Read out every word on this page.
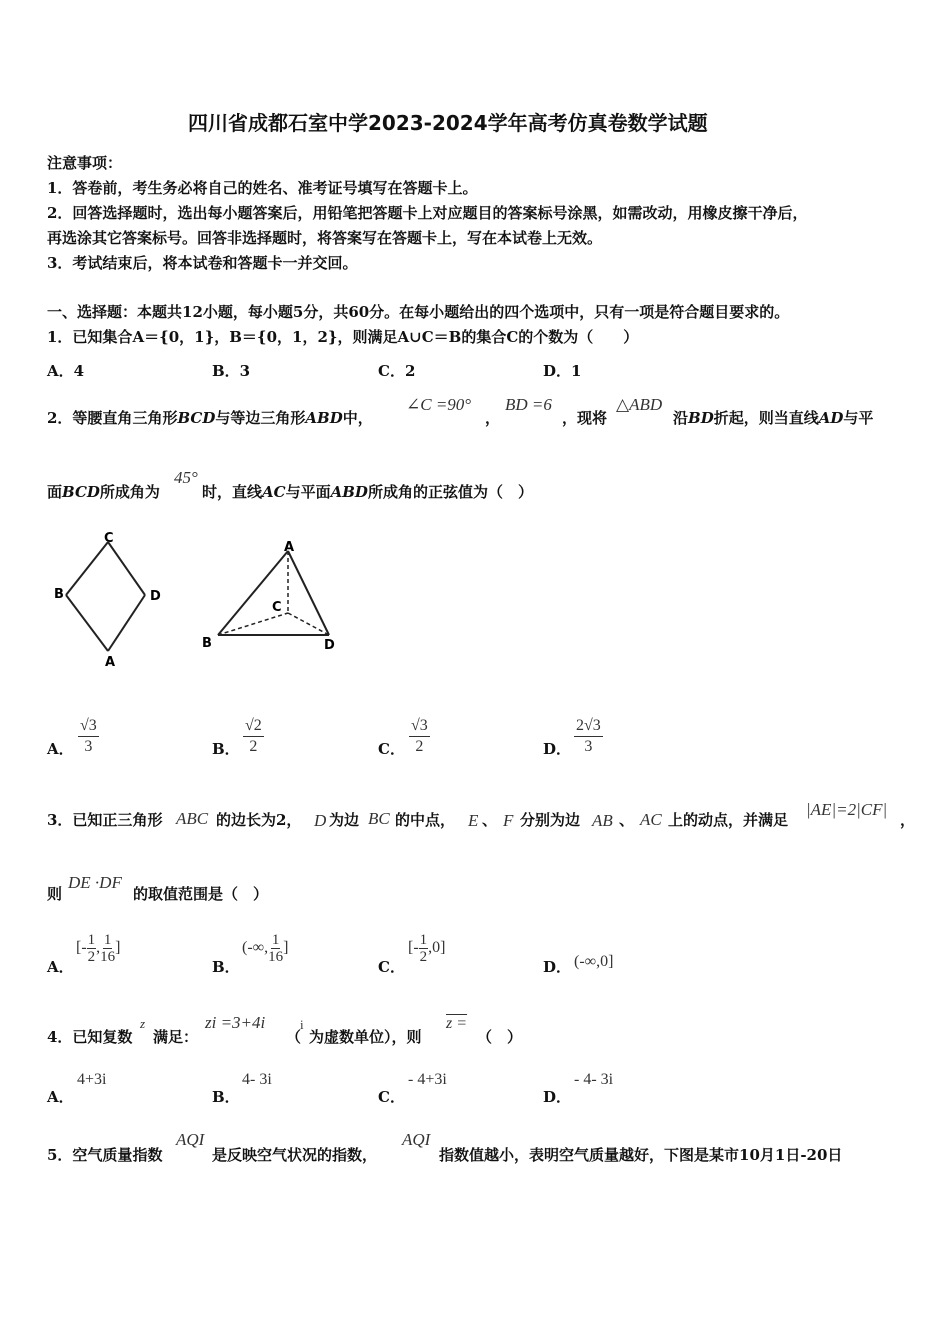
四川省成都石室中学2023-2024学年高考仿真卷数学试题
注意事项：
1．答卷前，考生务必将自己的姓名、准考证号填写在答题卡上。
2．回答选择题时，选出每小题答案后，用铅笔把答题卡上对应题目的答案标号涂黑，如需改动，用橡皮擦干净后，
再选涂其它答案标号。回答非选择题时，将答案写在答题卡上，写在本试卷上无效。
3．考试结束后，将本试卷和答题卡一并交回。
一、选择题：本题共12小题，每小题5分，共60分。在每小题给出的四个选项中，只有一项是符合题目要求的。
1．已知集合A＝{0，1}，B＝{0，1，2}，则满足A∪C＝B的集合C的个数为（　　）
A．4	B．3	C．2	D．1
2．等腰直角三角形BCD与等边三角形ABD中，
∠C =90°
，
BD =6
，现将
△ABD
沿BD折起，则当直线AD与平
面BCD所成角为
45°
时，直线AC与平面ABD所成角的正弦值为（　）
C
B	D
A
A
C
B	D
A． $\frac{√3}{3}$	B． $\frac{√2}{2}$	C． $\frac{√3}{2}$	D． $\frac{2√3}{3}$
3．已知正三角形 ABC 的边长为2， D 为边 BC 的中点， E 、 F 分别为边 AB 、 AC 上的动点，并满足
|AE|=2|CF|
，
则
DE ·DF
的取值范围是（　）
A．
[- $\frac{1}{2}$ , $\frac{1}{16}$ ]
B．
(-∞, $\frac{1}{16}$ ]
C．
[- $\frac{1}{2} ,0$]
D． (-∞,0]
4．已知复数
z
满足：
zi =3+4i
（
i
为虚数单位），则
z =
（　）
A．
4+3i
B．
4- 3i
C．
- 4+3i
D．
- 4- 3i
5．空气质量指数
AQI
是反映空气状况的指数，
AQI
指数值越小，表明空气质量越好，下图是某市10月1日-20日
